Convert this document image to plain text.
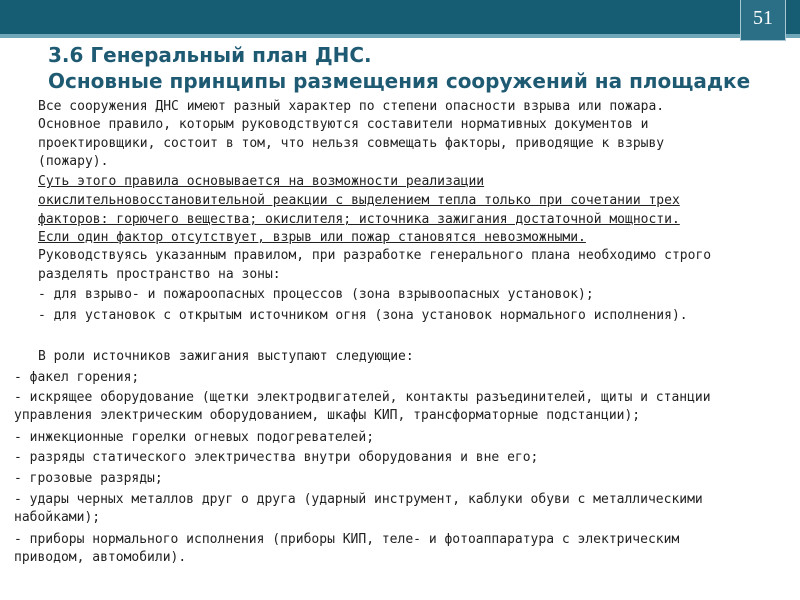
51
3.6 Генеральный план ДНС.
Основные принципы размещения сооружений на площадке
Все сооружения ДНС имеют разный характер по степени опасности взрыва или пожара.
Основное правило, которым руководствуются составители нормативных документов и
проектировщики, состоит в том, что нельзя совмещать факторы, приводящие к взрыву
(пожару).
Суть этого правила основывается на возможности реализации
окислительновосстановительной реакции с выделением тепла только при сочетании трех
факторов: горючего вещества; окислителя; источника зажигания достаточной мощности.
Если один фактор отсутствует, взрыв или пожар становятся невозможными.
Руководствуясь указанным правилом, при разработке генерального плана необходимо строго
разделять пространство на зоны:
- для взрыво- и пожароопасных процессов (зона взрывоопасных установок);
- для установок с открытым источником огня (зона установок нормального исполнения).
В роли источников зажигания выступают следующие:
- факел горения;
- искрящее оборудование (щетки электродвигателей, контакты разъединителей, щиты и станции
управления электрическим оборудованием, шкафы КИП, трансформаторные подстанции);
- инжекционные горелки огневых подогревателей;
- разряды статического электричества внутри оборудования и вне его;
- грозовые разряды;
- удары черных металлов друг о друга (ударный инструмент, каблуки обуви с металлическими
набойками);
- приборы нормального исполнения (приборы КИП, теле- и фотоаппаратура с электрическим
приводом, автомобили).
